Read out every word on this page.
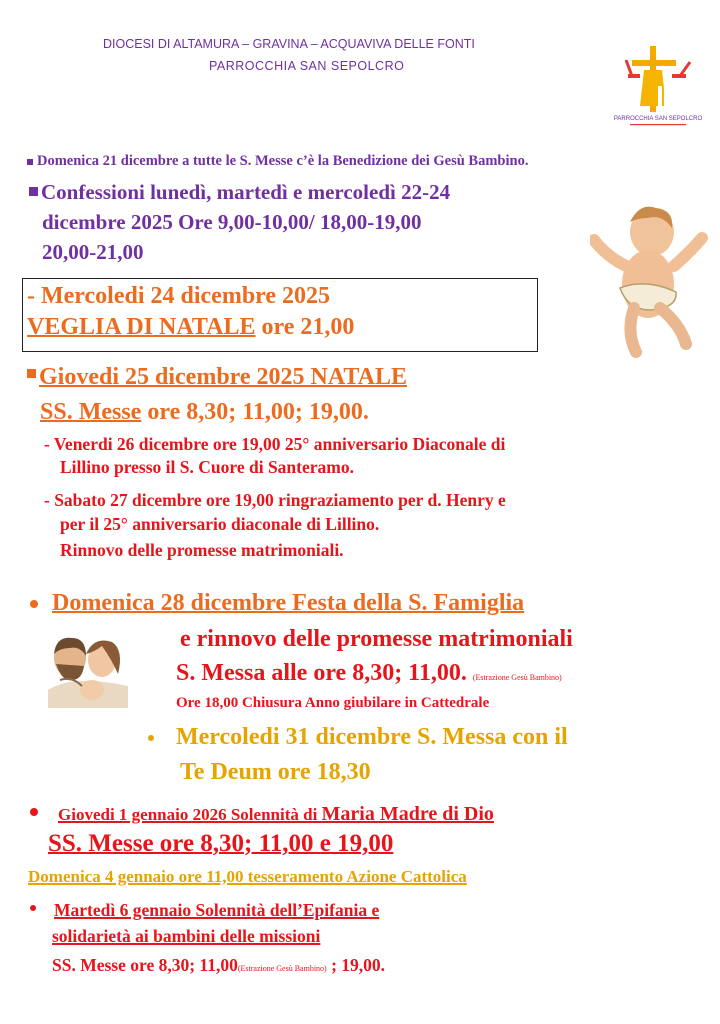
DIOCESI DI ALTAMURA – GRAVINA – ACQUAVIVA DELLE FONTI
PARROCCHIA SAN SEPOLCRO
PARROCCHIA SAN SEPOLCRO
Domenica 21 dicembre a tutte le S. Messe c’è la Benedizione dei Gesù Bambino.
Confessioni lunedì, martedì e mercoledì 22-24
dicembre 2025 Ore 9,00-10,00/ 18,00-19,00
20,00-21,00
- Mercoledi 24 dicembre 2025
VEGLIA DI NATALE ore 21,00
Giovedi 25 dicembre 2025 NATALE
SS. Messe ore 8,30; 11,00; 19,00.
- Venerdi 26 dicembre ore 19,00 25° anniversario Diaconale di
Lillino presso il S. Cuore di Santeramo.
- Sabato 27 dicembre ore 19,00 ringraziamento per d. Henry e
per il 25° anniversario diaconale di Lillino.
Rinnovo delle promesse matrimoniali.
Domenica 28 dicembre Festa della S. Famiglia
e rinnovo delle promesse matrimoniali
S. Messa alle ore 8,30; 11,00. (Estrazione Gesù Bambino)
Ore 18,00 Chiusura Anno giubilare in Cattedrale
Mercoledi 31 dicembre S. Messa con il
Te Deum ore 18,30
Giovedi 1 gennaio 2026 Solennità di Maria Madre di Dio
SS. Messe ore 8,30; 11,00 e 19,00
Domenica 4 gennaio ore 11,00 tesseramento Azione Cattolica
Martedì 6 gennaio Solennità dell’Epifania e
solidarietà ai bambini delle missioni
SS. Messe ore 8,30; 11,00(Estrazione Gesù Bambino) ; 19,00.
